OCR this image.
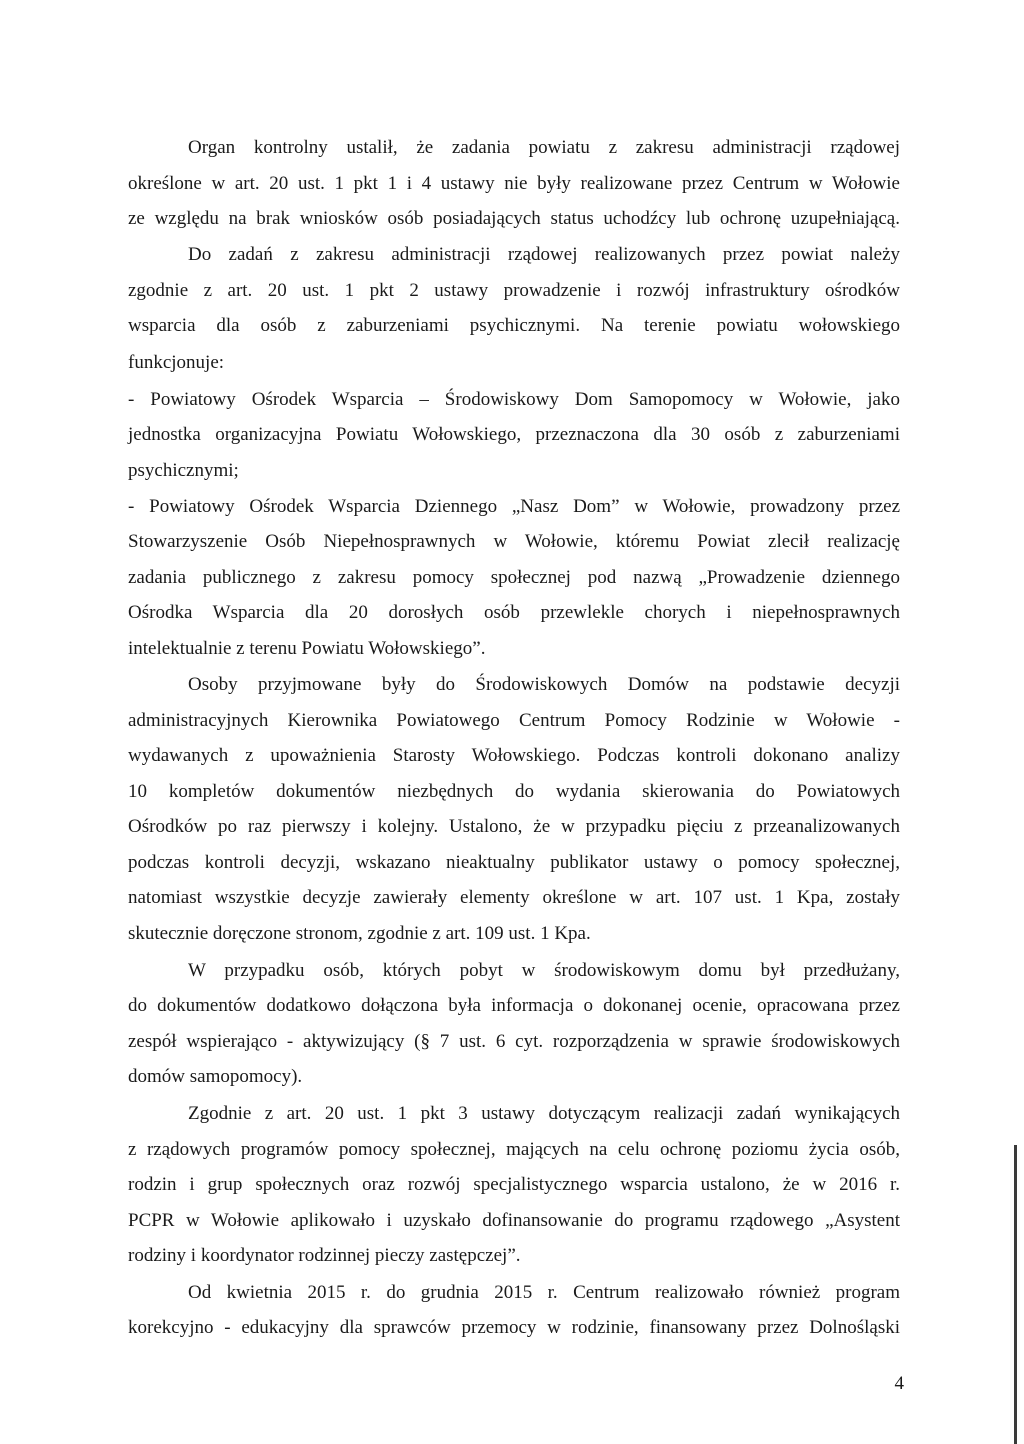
Organ kontrolny ustalił, że zadania powiatu z zakresu administracji rządowej
określone w art. 20 ust. 1 pkt 1 i 4 ustawy nie były realizowane przez Centrum w Wołowie
ze względu na brak wniosków osób posiadających status uchodźcy lub ochronę uzupełniającą.
Do zadań z zakresu administracji rządowej realizowanych przez powiat należy
zgodnie z art. 20 ust. 1 pkt 2 ustawy prowadzenie i rozwój infrastruktury ośrodków
wsparcia dla osób z zaburzeniami psychicznymi. Na terenie powiatu wołowskiego
funkcjonuje:
- Powiatowy Ośrodek Wsparcia – Środowiskowy Dom Samopomocy w Wołowie, jako
jednostka organizacyjna Powiatu Wołowskiego, przeznaczona dla 30 osób z zaburzeniami
psychicznymi;
- Powiatowy Ośrodek Wsparcia Dziennego „Nasz Dom” w Wołowie, prowadzony przez
Stowarzyszenie Osób Niepełnosprawnych w Wołowie, któremu Powiat zlecił realizację
zadania publicznego z zakresu pomocy społecznej pod nazwą „Prowadzenie dziennego
Ośrodka Wsparcia dla 20 dorosłych osób przewlekle chorych i niepełnosprawnych
intelektualnie z terenu Powiatu Wołowskiego”.
Osoby przyjmowane były do Środowiskowych Domów na podstawie decyzji
administracyjnych Kierownika Powiatowego Centrum Pomocy Rodzinie w Wołowie -
wydawanych z upoważnienia Starosty Wołowskiego. Podczas kontroli dokonano analizy
10 kompletów dokumentów niezbędnych do wydania skierowania do Powiatowych
Ośrodków po raz pierwszy i kolejny. Ustalono, że w przypadku pięciu z przeanalizowanych
podczas kontroli decyzji, wskazano nieaktualny publikator ustawy o pomocy społecznej,
natomiast wszystkie decyzje zawierały elementy określone w art. 107 ust. 1 Kpa, zostały
skutecznie doręczone stronom, zgodnie z art. 109 ust. 1 Kpa.
W przypadku osób, których pobyt w środowiskowym domu był przedłużany,
do dokumentów dodatkowo dołączona była informacja o dokonanej ocenie, opracowana przez
zespół wspierająco - aktywizujący (§ 7 ust. 6 cyt. rozporządzenia w sprawie środowiskowych
domów samopomocy).
Zgodnie z art. 20 ust. 1 pkt 3 ustawy dotyczącym realizacji zadań wynikających
z rządowych programów pomocy społecznej, mających na celu ochronę poziomu życia osób,
rodzin i grup społecznych oraz rozwój specjalistycznego wsparcia ustalono, że w 2016 r.
PCPR w Wołowie aplikowało i uzyskało dofinansowanie do programu rządowego „Asystent
rodziny i koordynator rodzinnej pieczy zastępczej”.
Od kwietnia 2015 r. do grudnia 2015 r. Centrum realizowało również program
korekcyjno - edukacyjny dla sprawców przemocy w rodzinie, finansowany przez Dolnośląski
4
